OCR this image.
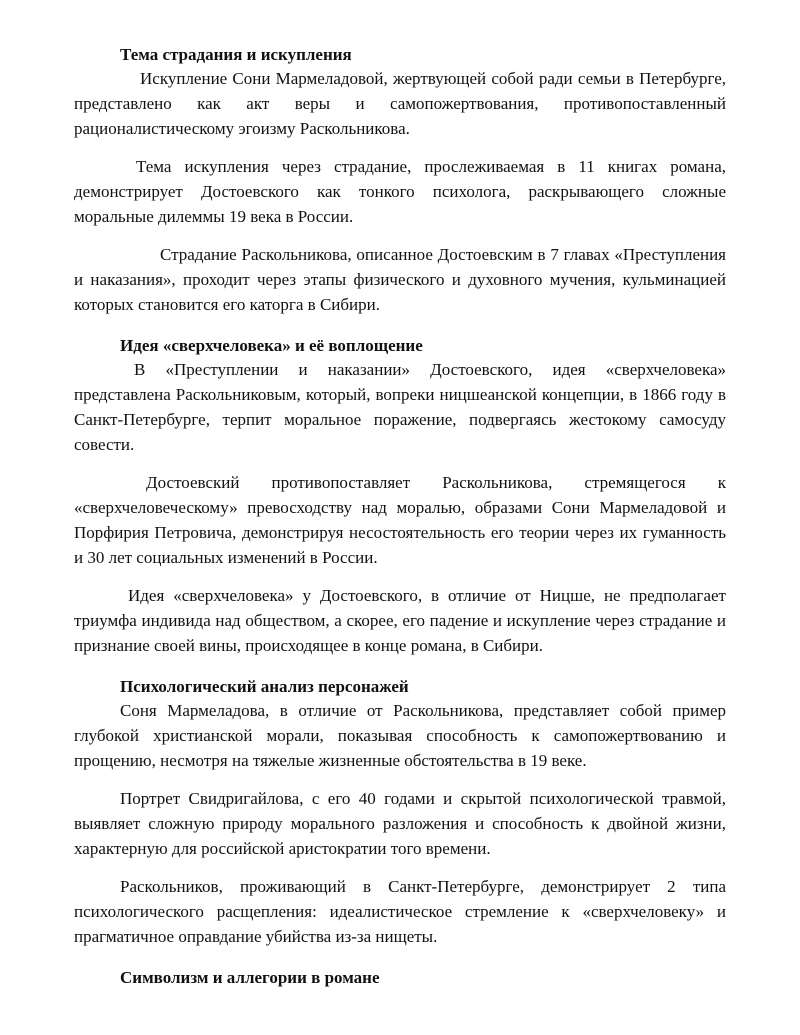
Тема страдания и искупления

Искупление Сони Мармеладовой, жертвующей собой ради семьи в Петербурге, представлено как акт веры и самопожертвования, противопоставленный рационалистическому эгоизму Раскольникова.

Тема искупления через страдание, прослеживаемая в 11 книгах романа, демонстрирует Достоевского как тонкого психолога, раскрывающего сложные моральные дилеммы 19 века в России.

Страдание Раскольникова, описанное Достоевским в 7 главах «Преступления и наказания», проходит через этапы физического и духовного мучения, кульминацией которых становится его каторга в Сибири.

Идея «сверхчеловека» и её воплощение

В «Преступлении и наказании» Достоевского, идея «сверхчеловека» представлена Раскольниковым, который, вопреки ницшеанской концепции, в 1866 году в Санкт-Петербурге, терпит моральное поражение, подвергаясь жестокому самосуду совести.

Достоевский противопоставляет Раскольникова, стремящегося к «сверхчеловеческому» превосходству над моралью, образами Сони Мармеладовой и Порфирия Петровича, демонстрируя несостоятельность его теории через их гуманность и 30 лет социальных изменений в России.

Идея «сверхчеловека» у Достоевского, в отличие от Ницше, не предполагает триумфа индивида над обществом, а скорее, его падение и искупление через страдание и признание своей вины, происходящее в конце романа, в Сибири.

Психологический анализ персонажей

Соня Мармеладова, в отличие от Раскольникова, представляет собой пример глубокой христианской морали, показывая способность к самопожертвованию и прощению, несмотря на тяжелые жизненные обстоятельства в 19 веке.

Портрет Свидригайлова, с его 40 годами и скрытой психологической травмой, выявляет сложную природу морального разложения и способность к двойной жизни, характерную для российской аристократии того времени.

Раскольников, проживающий в Санкт-Петербурге, демонстрирует 2 типа психологического расщепления: идеалистическое стремление к «сверхчеловеку» и прагматичное оправдание убийства из-за нищеты.

Символизм и аллегории в романе
